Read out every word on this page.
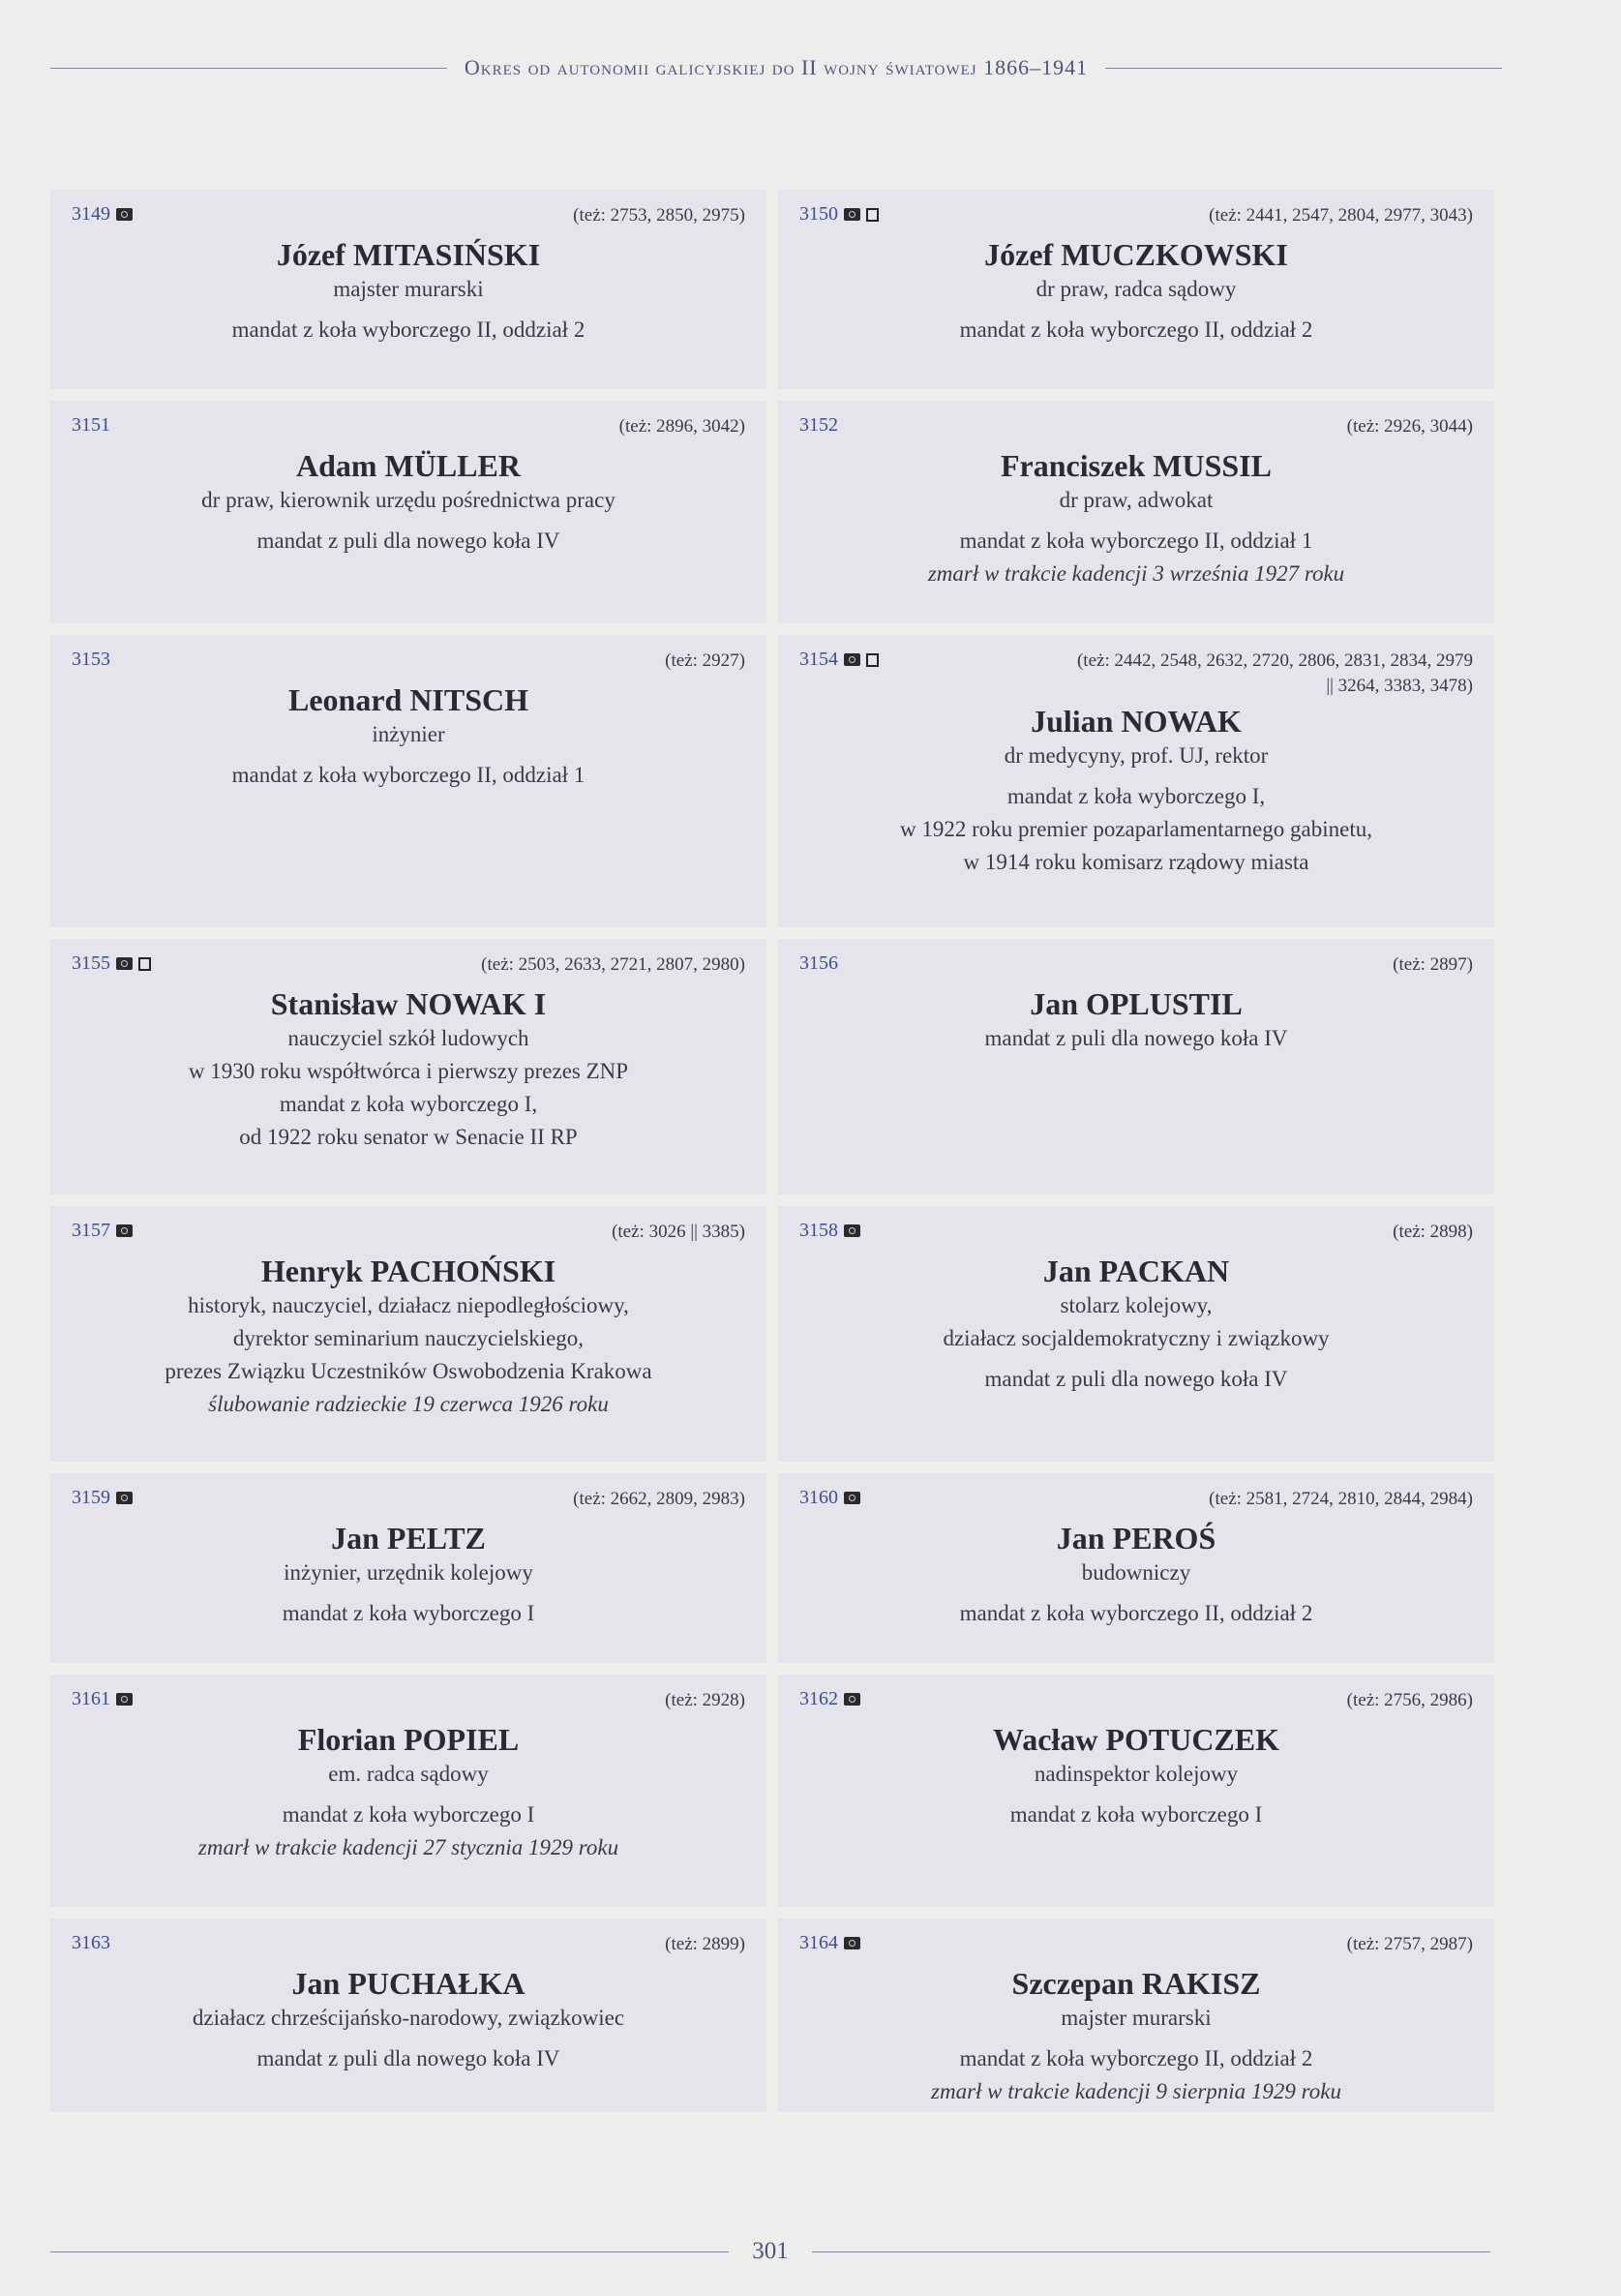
Okres od autonomii galicyjskiej do II wojny światowej 1866–1941
3149	(też: 2753, 2850, 2975)
Józef MITASIŃSKI
majster murarski
mandat z koła wyborczego II, oddział 2
3150	(też: 2441, 2547, 2804, 2977, 3043)
Józef MUCZKOWSKI
dr praw, radca sądowy
mandat z koła wyborczego II, oddział 2
3151	(też: 2896, 3042)
Adam MÜLLER
dr praw, kierownik urzędu pośrednictwa pracy
mandat z puli dla nowego koła IV
3152	(też: 2926, 3044)
Franciszek MUSSIL
dr praw, adwokat
mandat z koła wyborczego II, oddział 1
zmarł w trakcie kadencji 3 września 1927 roku
3153	(też: 2927)
Leonard NITSCH
inżynier
mandat z koła wyborczego II, oddział 1
3154	(też: 2442, 2548, 2632, 2720, 2806, 2831, 2834, 2979 || 3264, 3383, 3478)
Julian NOWAK
dr medycyny, prof. UJ, rektor
mandat z koła wyborczego I,
w 1922 roku premier pozaparlamentarnego gabinetu,
w 1914 roku komisarz rządowy miasta
3155	(też: 2503, 2633, 2721, 2807, 2980)
Stanisław NOWAK I
nauczyciel szkół ludowych
w 1930 roku współtwórca i pierwszy prezes ZNP
mandat z koła wyborczego I,
od 1922 roku senator w Senacie II RP
3156	(też: 2897)
Jan OPLUSTIL
mandat z puli dla nowego koła IV
3157	(też: 3026 || 3385)
Henryk PACHOŃSKI
historyk, nauczyciel, działacz niepodległościowy,
dyrektor seminarium nauczycielskiego,
prezes Związku Uczestników Oswobodzenia Krakowa
ślubowanie radzieckie 19 czerwca 1926 roku
3158	(też: 2898)
Jan PACKAN
stolarz kolejowy,
działacz socjaldemokratyczny i związkowy
mandat z puli dla nowego koła IV
3159	(też: 2662, 2809, 2983)
Jan PELTZ
inżynier, urzędnik kolejowy
mandat z koła wyborczego I
3160	(też: 2581, 2724, 2810, 2844, 2984)
Jan PEROŚ
budowniczy
mandat z koła wyborczego II, oddział 2
3161	(też: 2928)
Florian POPIEL
em. radca sądowy
mandat z koła wyborczego I
zmarł w trakcie kadencji 27 stycznia 1929 roku
3162	(też: 2756, 2986)
Wacław POTUCZEK
nadinspektor kolejowy
mandat z koła wyborczego I
3163	(też: 2899)
Jan PUCHAŁKA
działacz chrześcijańsko-narodowy, związkowiec
mandat z puli dla nowego koła IV
3164	(też: 2757, 2987)
Szczepan RAKISZ
majster murarski
mandat z koła wyborczego II, oddział 2
zmarł w trakcie kadencji 9 sierpnia 1929 roku
301
